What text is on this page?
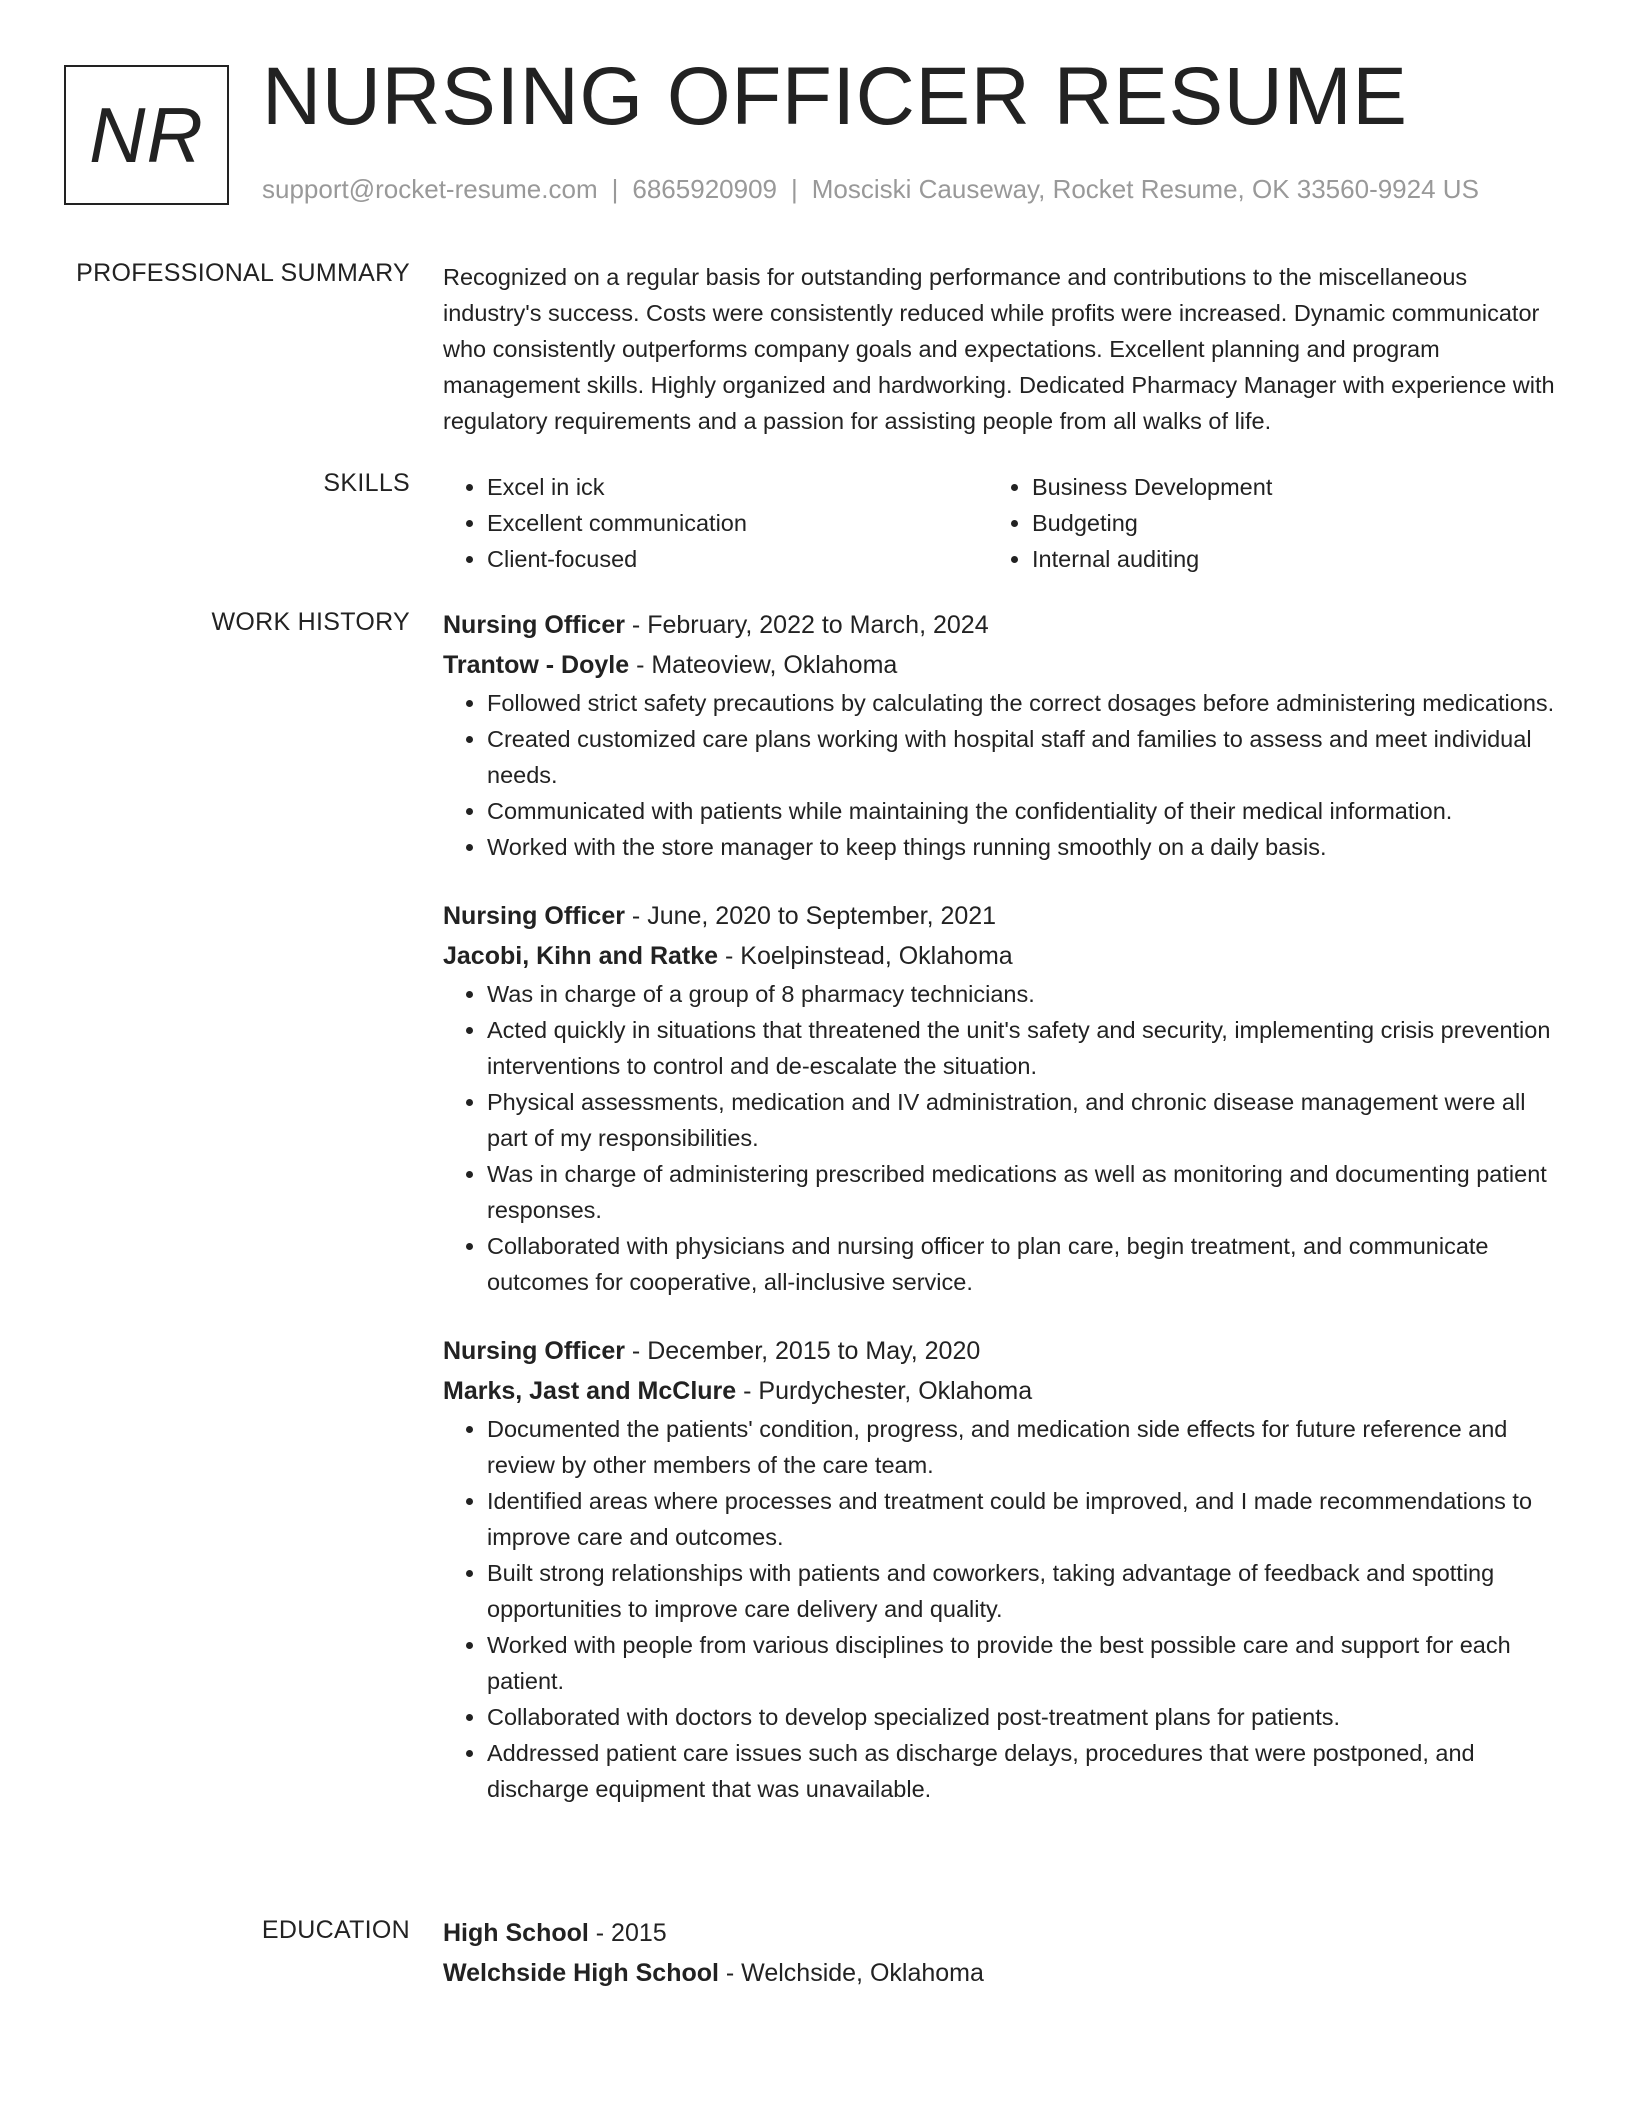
NR NURSING OFFICER RESUME
support@rocket-resume.com | 6865920909 | Mosciski Causeway, Rocket Resume, OK 33560-9924 US
PROFESSIONAL SUMMARY Recognized on a regular basis for outstanding performance and contributions to the miscellaneous industry's success. Costs were consistently reduced while profits were increased. Dynamic communicator who consistently outperforms company goals and expectations. Excellent planning and program management skills. Highly organized and hardworking. Dedicated Pharmacy Manager with experience with regulatory requirements and a passion for assisting people from all walks of life.

SKILLS
•	Excel in ick
• Excellent communication
• Client-focused
• Business Development
• Budgeting
• Internal auditing
WORK HISTORY Nursing Officer - February, 2022 to March, 2024
Trantow - Doyle - Mateoview, Oklahoma
• Followed strict safety precautions by calculating the correct dosages before administering medications.
• Created customized care plans working with hospital staff and families to assess and meet individual needs.
• Communicated with patients while maintaining the confidentiality of their medical information.
• Worked with the store manager to keep things running smoothly on a daily basis.
Nursing Officer - June, 2020 to September, 2021
Jacobi, Kihn and Ratke - Koelpinstead, Oklahoma
• Was in charge of a group of 8 pharmacy technicians.
• Acted quickly in situations that threatened the unit's safety and security, implementing crisis prevention interventions to control and de-escalate the situation.
• Physical assessments, medication and IV administration, and chronic disease management were all part of my responsibilities.
• Was in charge of administering prescribed medications as well as monitoring and documenting patient responses.
• Collaborated with physicians and nursing officer to plan care, begin treatment, and communicate outcomes for cooperative, all-inclusive service.
Nursing Officer - December, 2015 to May, 2020
Marks, Jast and McClure - Purdychester, Oklahoma
• Documented the patients' condition, progress, and medication side effects for future reference and review by other members of the care team.
• Identified areas where processes and treatment could be improved, and I made recommendations to improve care and outcomes.
• Built strong relationships with patients and coworkers, taking advantage of feedback and spotting opportunities to improve care delivery and quality.
• Worked with people from various disciplines to provide the best possible care and support for each patient.
• Collaborated with doctors to develop specialized post-treatment plans for patients.
• Addressed patient care issues such as discharge delays, procedures that were postponed, and discharge equipment that was unavailable.
EDUCATION High School - 2015
Welchside High School - Welchside, Oklahoma
